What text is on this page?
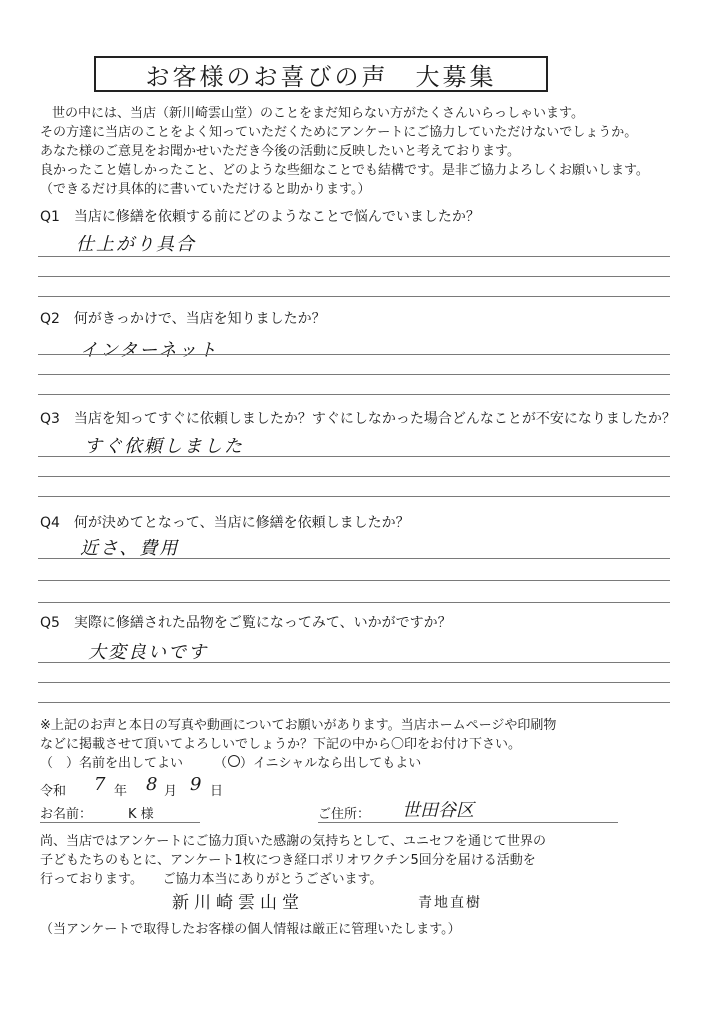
お客様のお喜びの声　大募集
世の中には、当店（新川崎雲山堂）のことをまだ知らない方がたくさんいらっしゃいます。
その方達に当店のことをよく知っていただくためにアンケートにご協力していただけないでしょうか。
あなた様のご意見をお聞かせいただき今後の活動に反映したいと考えております。
良かったこと嬉しかったこと、どのような些細なことでも結構です。是非ご協力よろしくお願いします。
（できるだけ具体的に書いていただけると助かります。）
Q1　当店に修繕を依頼する前にどのようなことで悩んでいましたか？
仕上がり具合
Q2　何がきっかけで、当店を知りましたか？
インターネット
Q3　当店を知ってすぐに依頼しましたか？すぐにしなかった場合どんなことが不安になりましたか？
すぐ依頼しました
Q4　何が決めてとなって、当店に修繕を依頼しましたか？
近さ、費用
Q5　実際に修繕された品物をご覧になってみて、いかがですか？
大変良いです
※上記のお声と本日の写真や動画についてお願いがあります。当店ホームページや印刷物
などに掲載させて頂いてよろしいでしょうか？下記の中から〇印をお付け下さい。
（　）名前を出してよい （　）イニシャルなら出してもよい
令和 7 年 8 月 9 日
お名前：	K 様	ご住所： 世田谷区
尚、当店ではアンケートにご協力頂いた感謝の気持ちとして、ユニセフを通じて世界の
子どもたちのもとに、アンケート1枚につき経口ポリオワクチン5回分を届ける活動を
行っております。　　ご協力本当にありがとうございます。
新川崎雲山堂	青地直樹
（当アンケートで取得したお客様の個人情報は厳正に管理いたします。）
